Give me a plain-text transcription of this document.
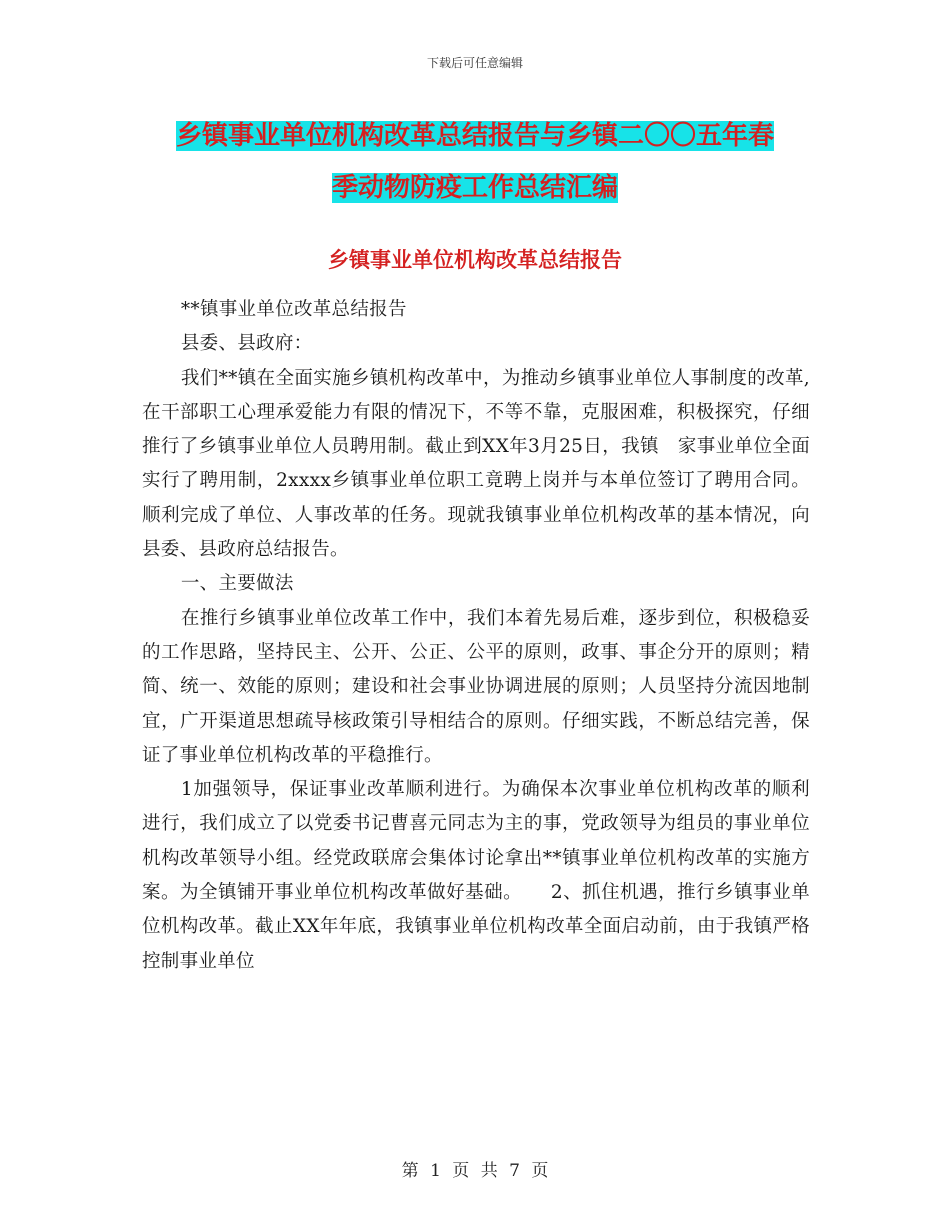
下载后可任意编辑
乡镇事业单位机构改革总结报告与乡镇二〇〇五年春
季动物防疫工作总结汇编
乡镇事业单位机构改革总结报告

**镇事业单位改革总结报告

县委、县政府：

我们**镇在全面实施乡镇机构改革中，为推动乡镇事业单位人事制度的改革,在干部职工心理承爱能力有限的情况下，不等不靠，克服困难，积极探究，仔细推行了乡镇事业单位人员聘用制。截止到XX年3月25日，我镇　家事业单位全面实行了聘用制，2xxxx乡镇事业单位职工竟聘上岗并与本单位签订了聘用合同。顺利完成了单位、人事改革的任务。现就我镇事业单位机构改革的基本情况，向县委、县政府总结报告。

一、主要做法

在推行乡镇事业单位改革工作中，我们本着先易后难，逐步到位，积极稳妥的工作思路，坚持民主、公开、公正、公平的原则，政事、事企分开的原则；精简、统一、效能的原则；建设和社会事业协调进展的原则；人员坚持分流因地制宜，广开渠道思想疏导核政策引导相结合的原则。仔细实践，不断总结完善，保证了事业单位机构改革的平稳推行。

1加强领导，保证事业改革顺利进行。为确保本次事业单位机构改革的顺利进行，我们成立了以党委书记曹喜元同志为主的事，党政领导为组员的事业单位机构改革领导小组。经党政联席会集体讨论拿出**镇事业单位机构改革的实施方案。为全镇铺开事业单位机构改革做好基础。　　2、抓住机遇，推行乡镇事业单位机构改革。截止XX年年底，我镇事业单位机构改革全面启动前，由于我镇严格控制事业单位

第 1 页 共 7 页
